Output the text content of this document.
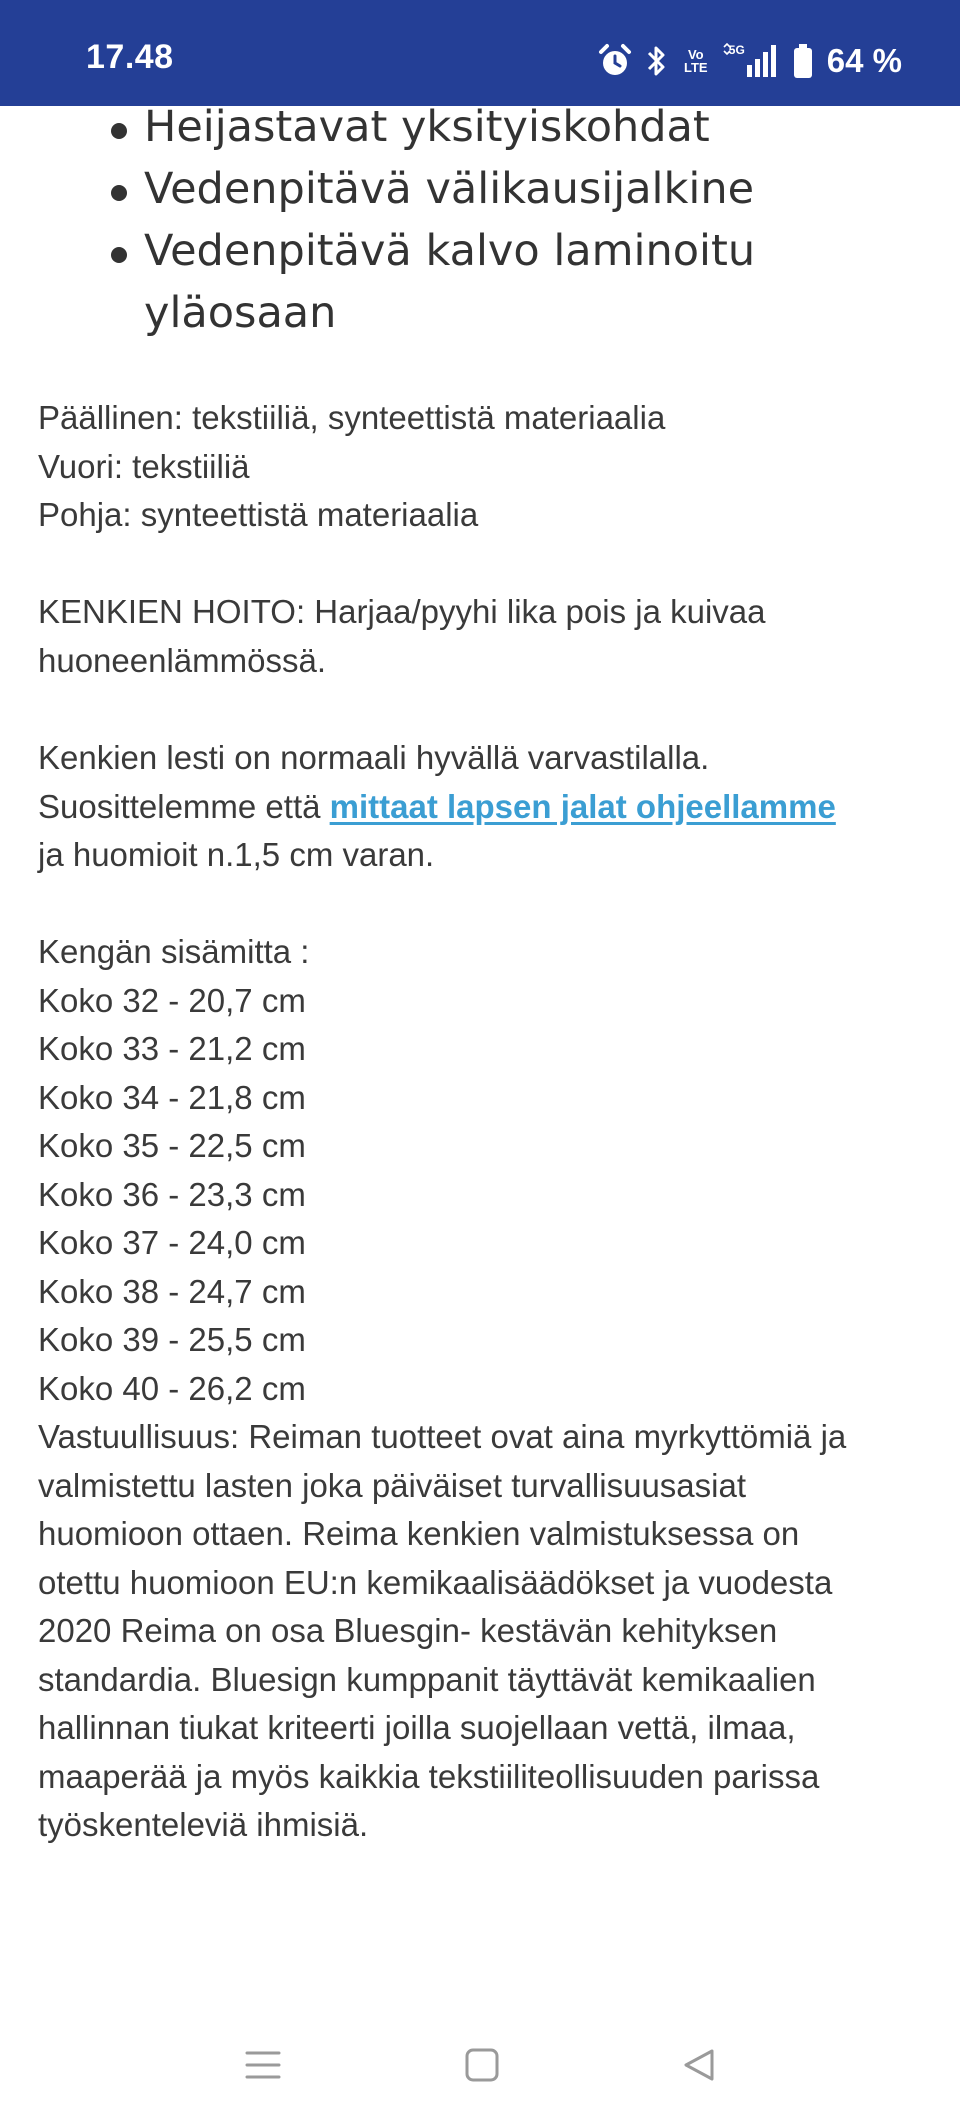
17.48	Vo
LTE
5G 64 %
Heijastavat yksityiskohdat
Vedenpitävä välikausijalkine
Vedenpitävä kalvo laminoitu
yläosaan

Päällinen: tekstiiliä, synteettistä materiaalia
Vuori: tekstiiliä
Pohja: synteettistä materiaalia

KENKIEN HOITO: Harjaa/pyyhi lika pois ja kuivaa
huoneenlämmössä.

Kenkien lesti on normaali hyvällä varvastilalla.
Suosittelemme että mittaat lapsen jalat ohjeellamme
ja huomioit n.1,5 cm varan.

Kengän sisämitta :
Koko 32 - 20,7 cm
Koko 33 - 21,2 cm
Koko 34 - 21,8 cm
Koko 35 - 22,5 cm
Koko 36 - 23,3 cm
Koko 37 - 24,0 cm
Koko 38 - 24,7 cm
Koko 39 - 25,5 cm
Koko 40 - 26,2 cm
Vastuullisuus: Reiman tuotteet ovat aina myrkyttömiä ja
valmistettu lasten joka päiväiset turvallisuusasiat
huomioon ottaen. Reima kenkien valmistuksessa on
otettu huomioon EU:n kemikaalisäädökset ja vuodesta
2020 Reima on osa Bluesgin- kestävän kehityksen
standardia. Bluesign kumppanit täyttävät kemikaalien
hallinnan tiukat kriteerti joilla suojellaan vettä, ilmaa,
maaperää ja myös kaikkia tekstiiliteollisuuden parissa
työskenteleviä ihmisiä.
